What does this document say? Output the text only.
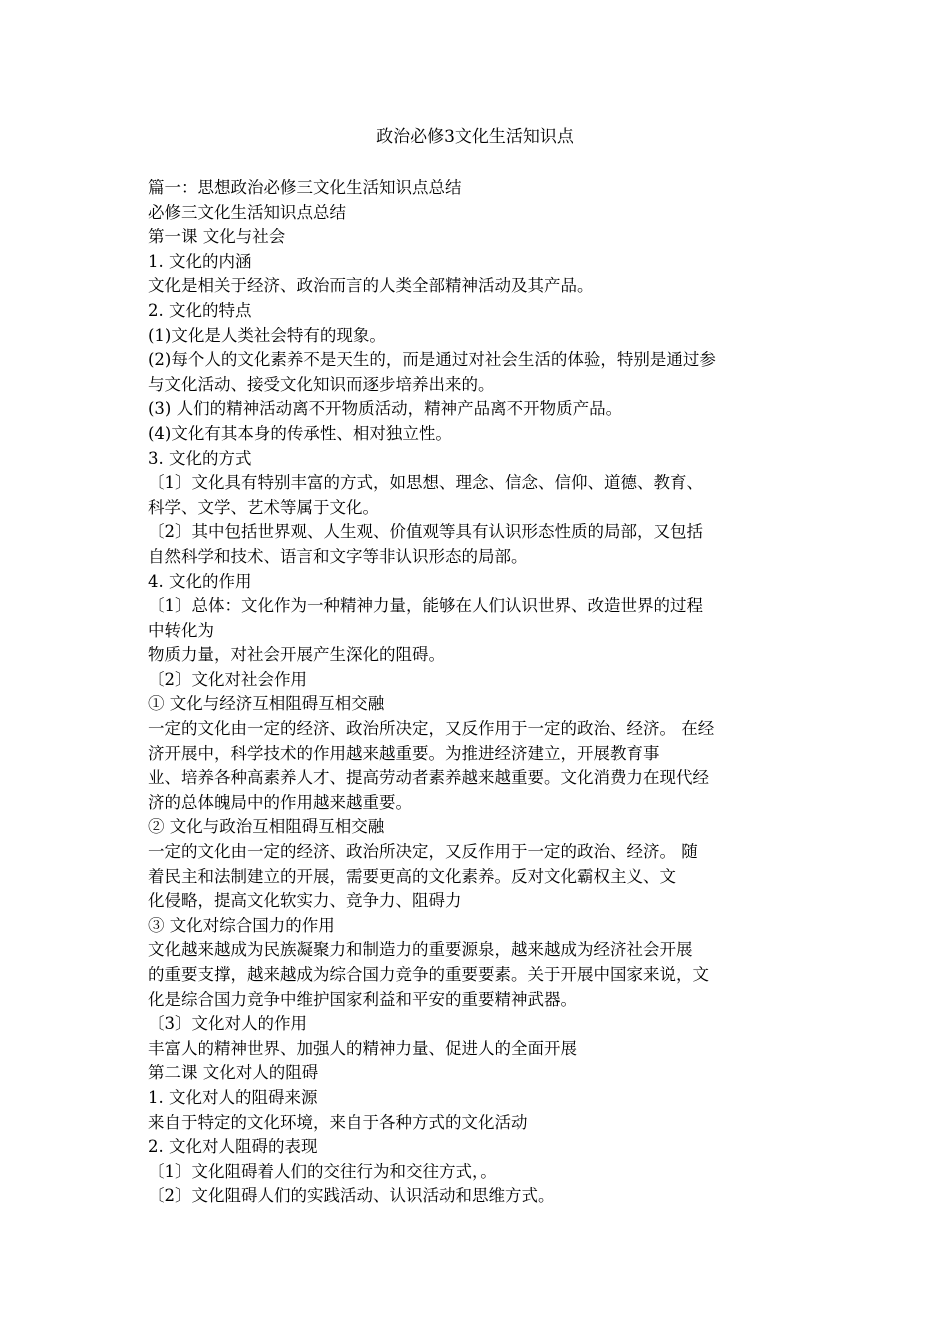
政治必修3文化生活知识点
篇一：思想政治必修三文化生活知识点总结
必修三文化生活知识点总结
第一课 文化与社会
1. 文化的内涵
文化是相关于经济、政治而言的人类全部精神活动及其产品。
2. 文化的特点
(1)文化是人类社会特有的现象。
(2)每个人的文化素养不是天生的，而是通过对社会生活的体验，特别是通过参
与文化活动、接受文化知识而逐步培养出来的。
(3) 人们的精神活动离不开物质活动，精神产品离不开物质产品。
(4)文化有其本身的传承性、相对独立性。
3. 文化的方式
〔1〕文化具有特别丰富的方式，如思想、理念、信念、信仰、道德、教育、
科学、文学、艺术等属于文化。
〔2〕其中包括世界观、人生观、价值观等具有认识形态性质的局部，又包括
自然科学和技术、语言和文字等非认识形态的局部。
4. 文化的作用
〔1〕总体：文化作为一种精神力量，能够在人们认识世界、改造世界的过程
中转化为
物质力量，对社会开展产生深化的阻碍。
〔2〕文化对社会作用
① 文化与经济互相阻碍互相交融
一定的文化由一定的经济、政治所决定，又反作用于一定的政治、经济。 在经
济开展中，科学技术的作用越来越重要。为推进经济建立，开展教育事
业、培养各种高素养人才、提高劳动者素养越来越重要。文化消费力在现代经
济的总体魄局中的作用越来越重要。
② 文化与政治互相阻碍互相交融
一定的文化由一定的经济、政治所决定，又反作用于一定的政治、经济。 随
着民主和法制建立的开展，需要更高的文化素养。反对文化霸权主义、文
化侵略，提高文化软实力、竞争力、阻碍力
③ 文化对综合国力的作用
文化越来越成为民族凝聚力和制造力的重要源泉，越来越成为经济社会开展
的重要支撑，越来越成为综合国力竞争的重要要素。关于开展中国家来说，文
化是综合国力竞争中维护国家利益和平安的重要精神武器。
〔3〕文化对人的作用
丰富人的精神世界、加强人的精神力量、促进人的全面开展
第二课 文化对人的阻碍
1. 文化对人的阻碍来源
来自于特定的文化环境，来自于各种方式的文化活动
2. 文化对人阻碍的表现
〔1〕文化阻碍着人们的交往行为和交往方式，。
〔2〕文化阻碍人们的实践活动、认识活动和思维方式。
